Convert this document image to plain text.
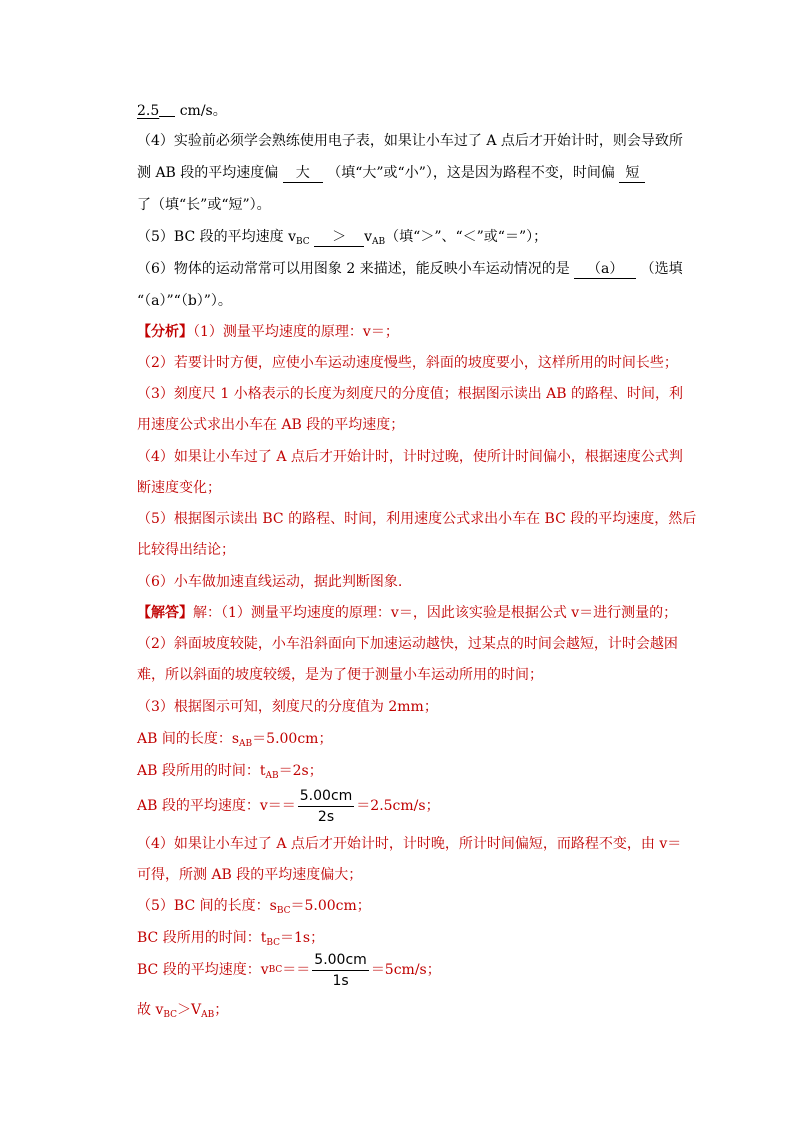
2.5 cm/s。
（4）实验前必须学会熟练使用电子表，如果让小车过了 A 点后才开始计时，则会导致所
测 AB 段的平均速度偏 大 （填“大”或“小”），这是因为路程不变，时间偏 短
了（填“长”或“短”）。
（5）BC 段的平均速度 $v_{BC} > v_{AB}$（填“＞”、“＜”或“＝”）；
（6）物体的运动常常可以用图象 2 来描述，能反映小车运动情况的是 （a） （选填
“（a）”“（b）”）。
【分析】（1）测量平均速度的原理：v＝；
（2）若要计时方便，应使小车运动速度慢些，斜面的坡度要小，这样所用的时间长些；
（3）刻度尺 1 小格表示的长度为刻度尺的分度值；根据图示读出 AB 的路程、时间，利
用速度公式求出小车在 AB 段的平均速度；
（4）如果让小车过了 A 点后才开始计时，计时过晚，使所计时间偏小，根据速度公式判
断速度变化；
（5）根据图示读出 BC 的路程、时间，利用速度公式求出小车在 BC 段的平均速度，然后
比较得出结论；
（6）小车做加速直线运动，据此判断图象.
【解答】解：（1）测量平均速度的原理：v＝，因此该实验是根据公式 v＝进行测量的；
（2）斜面坡度较陡，小车沿斜面向下加速运动越快，过某点的时间会越短，计时会越困
难，所以斜面的坡度较缓，是为了便于测量小车运动所用的时间；
（3）根据图示可知，刻度尺的分度值为 2mm；
AB 间的长度：$s_{AB}=5.00cm$；
AB 段所用的时间：$t_{AB}=2s$；
AB 段的平均速度：$v== \frac{5.00cm}{2s} =2.5cm/s$；
（4）如果让小车过了 A 点后才开始计时，计时晚，所计时间偏短，而路程不变，由 v＝
可得，所测 AB 段的平均速度偏大；
（5）BC 间的长度：$s_{BC}=5.00cm$；
BC 段所用的时间：$t_{BC}=1s$；
BC 段的平均速度：v BC ＝＝ $\frac{5.00cm}{1s} =5cm/s$；
故 $v_{BC}>V_{AB}$；
